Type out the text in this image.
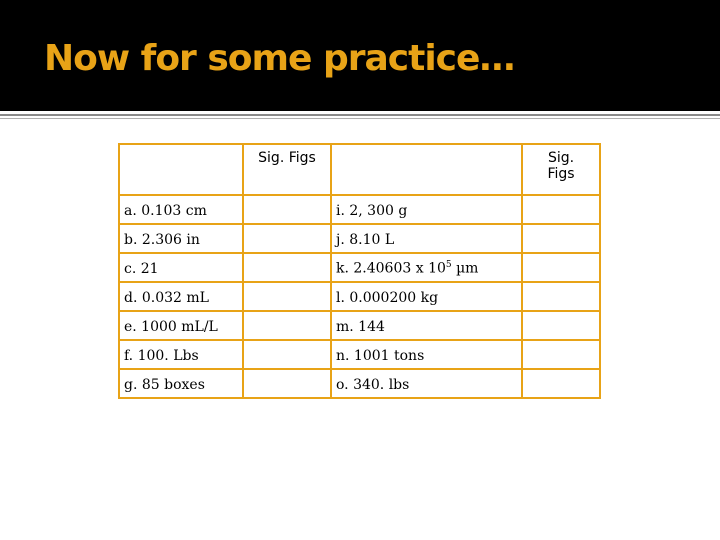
Now for some practice…
	Sig. Figs		Sig.
Figs
a. 0.103 cm		i. 2, 300 g	
b. 2.306 in		j. 8.10 L	
c. 21		k. 2.40603 x $10^5$ µm	
d. 0.032 mL		l. 0.000200 kg	
e. 1000 mL/L		m. 144	
f. 100. Lbs		n. 1001 tons	
g. 85 boxes		o. 340. lbs	
